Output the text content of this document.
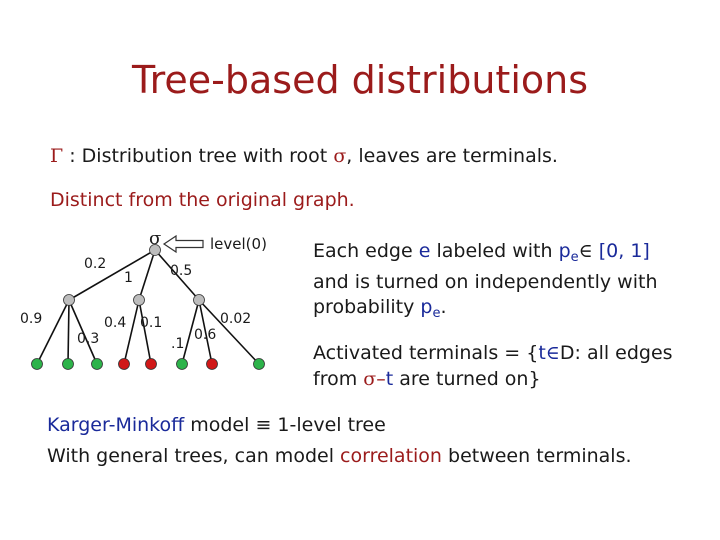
Tree-based distributions
Γ : Distribution tree with root σ, leaves are terminals.
Distinct from the original graph.
σ	level(0)
0.2
1	0.5
0.9
0.3
0.4 0.1
.1
0.6
0.02
Each edge e labeled with $p_e\in$ [0, 1]
and is turned on independently with
probability $p_e$.
Activated terminals = {t∈D: all edges
from σ–t are turned on}
Karger-Minkoff model ≡ 1-level tree
With general trees, can model correlation between terminals.
